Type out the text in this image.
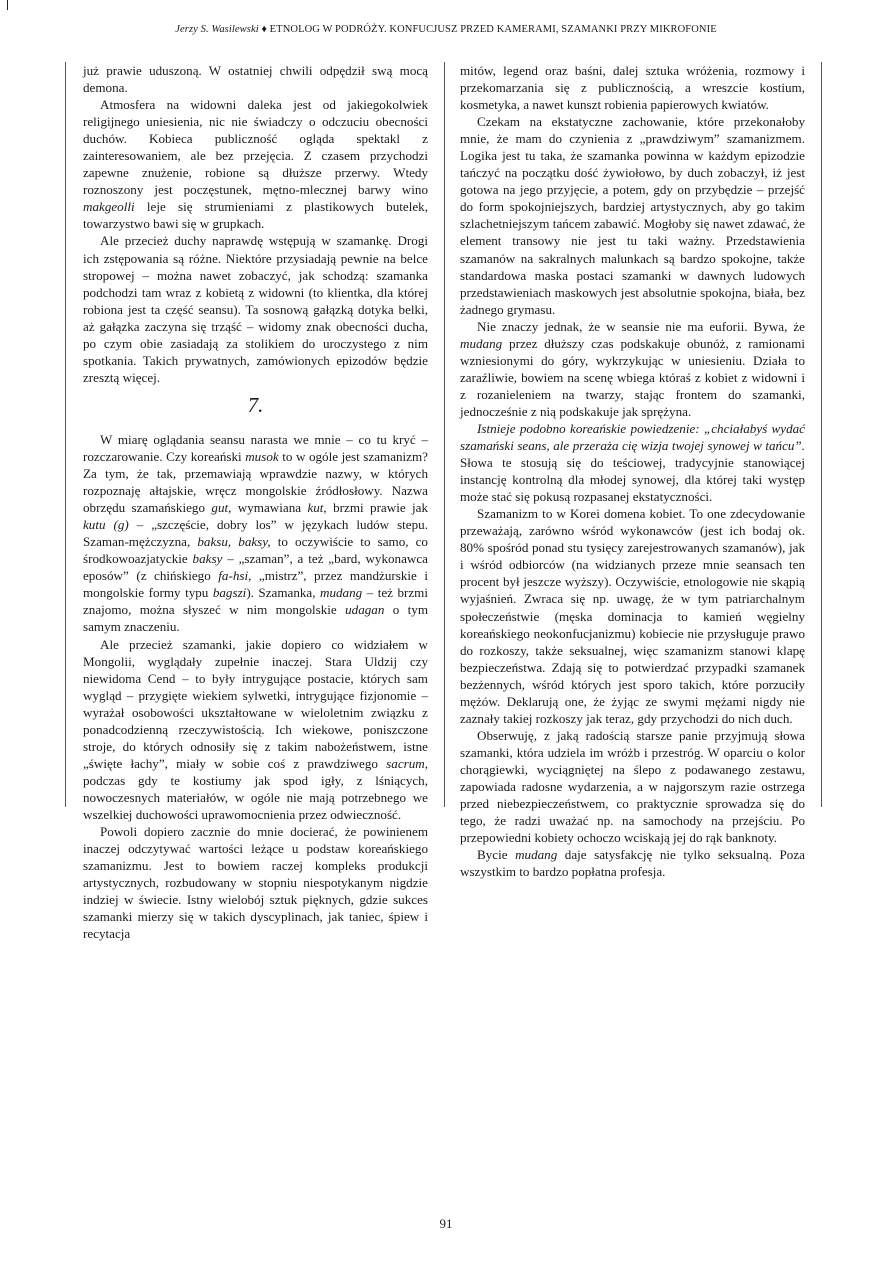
Jerzy S. Wasilewski ♦ ETNOLOG W PODRÓŻY. KONFUCJUSZ PRZED KAMERAMI, SZAMANKI PRZY MIKROFONIE

już prawie uduszoną. W ostatniej chwili odpędził swą mocą demona.

Atmosfera na widowni daleka jest od jakiegokolwiek religijnego uniesienia, nic nie świadczy o odczuciu obecności duchów. Kobieca publiczność ogląda spektakl z zainteresowaniem, ale bez przejęcia. Z czasem przychodzi zapewne znużenie, robione są dłuższe przerwy. Wtedy roznoszony jest poczęstunek, mętno-mlecznej barwy wino makgeolli leje się strumieniami z plastikowych butelek, towarzystwo bawi się w grupkach.

Ale przecież duchy naprawdę wstępują w szamankę. Drogi ich zstępowania są różne. Niektóre przysiadają pewnie na belce stropowej – można nawet zobaczyć, jak schodzą: szamanka podchodzi tam wraz z kobietą z widowni (to klientka, dla której robiona jest ta część seansu). Ta sosnową gałązką dotyka belki, aż gałązka zaczyna się trząść – widomy znak obecności ducha, po czym obie zasiadają za stolikiem do uroczystego z nim spotkania. Takich prywatnych, zamówionych epizodów będzie zresztą więcej.

7.

W miarę oglądania seansu narasta we mnie – co tu kryć – rozczarowanie. Czy koreański musok to w ogóle jest szamanizm? Za tym, że tak, przemawiają wprawdzie nazwy, w których rozpoznaję ałtajskie, wręcz mongolskie źródłosłowy. Nazwa obrzędu szamańskiego gut, wymawiana kut, brzmi prawie jak kutu (g) – „szczęście, dobry los” w językach ludów stepu. Szaman-mężczyzna, baksu, baksy, to oczywiście to samo, co środkowoazjatyckie baksy – „szaman”, a też „bard, wykonawca eposów” (z chińskiego fa-hsi, „mistrz”, przez mandżurskie i mongolskie formy typu bagszi). Szamanka, mudang – też brzmi znajomo, można słyszeć w nim mongolskie udagan o tym samym znaczeniu.

Ale przecież szamanki, jakie dopiero co widziałem w Mongolii, wyglądały zupełnie inaczej. Stara Uldzij czy niewidoma Cend – to były intrygujące postacie, których sam wygląd – przygięte wiekiem sylwetki, intrygujące fizjonomie – wyrażał osobowości ukształtowane w wieloletnim związku z ponadcodzienną rzeczywistością. Ich wiekowe, poniszczone stroje, do których odnosiły się z takim nabożeństwem, istne „święte łachy”, miały w sobie coś z prawdziwego sacrum, podczas gdy te kostiumy jak spod igły, z lśniących, nowoczesnych materiałów, w ogóle nie mają potrzebnego we wszelkiej duchowości uprawomocnienia przez odwieczność.

Powoli dopiero zacznie do mnie docierać, że powinienem inaczej odczytywać wartości leżące u podstaw koreańskiego szamanizmu. Jest to bowiem raczej kompleks produkcji artystycznych, rozbudowany w stopniu niespotykanym nigdzie indziej w świecie. Istny wielobój sztuk pięknych, gdzie sukces szamanki mierzy się w takich dyscyplinach, jak taniec, śpiew i recytacja

mitów, legend oraz baśni, dalej sztuka wróżenia, rozmowy i przekomarzania się z publicznością, a wreszcie kostium, kosmetyka, a nawet kunszt robienia papierowych kwiatów.

Czekam na ekstatyczne zachowanie, które przekonałoby mnie, że mam do czynienia z „prawdziwym” szamanizmem. Logika jest tu taka, że szamanka powinna w każdym epizodzie tańczyć na początku dość żywiołowo, by duch zobaczył, iż jest gotowa na jego przyjęcie, a potem, gdy on przybędzie – przejść do form spokojniejszych, bardziej artystycznych, aby go takim szlachetniejszym tańcem zabawić. Mogłoby się nawet zdawać, że element transowy nie jest tu taki ważny. Przedstawienia szamanów na sakralnych malunkach są bardzo spokojne, także standardowa maska postaci szamanki w dawnych ludowych przedstawieniach maskowych jest absolutnie spokojna, biała, bez żadnego grymasu.

Nie znaczy jednak, że w seansie nie ma euforii. Bywa, że mudang przez dłuższy czas podskakuje obunóż, z ramionami wzniesionymi do góry, wykrzykując w uniesieniu. Działa to zaraźliwie, bowiem na scenę wbiega któraś z kobiet z widowni i z rozanieleniem na twarzy, stając frontem do szamanki, jednocześnie z nią podskakuje jak sprężyna.

Istnieje podobno koreańskie powiedzenie: „chciałabyś wydać szamański seans, ale przeraża cię wizja twojej synowej w tańcu”. Słowa te stosują się do teściowej, tradycyjnie stanowiącej instancję kontrolną dla młodej synowej, dla której taki występ może stać się pokusą rozpasanej ekstatyczności.

Szamanizm to w Korei domena kobiet. To one zdecydowanie przeważają, zarówno wśród wykonawców (jest ich bodaj ok. 80% spośród ponad stu tysięcy zarejestrowanych szamanów), jak i wśród odbiorców (na widzianych przeze mnie seansach ten procent był jeszcze wyższy). Oczywiście, etnologowie nie skąpią wyjaśnień. Zwraca się np. uwagę, że w tym patriarchalnym społeczeństwie (męska dominacja to kamień węgielny koreańskiego neokonfucjanizmu) kobiecie nie przysługuje prawo do rozkoszy, także seksualnej, więc szamanizm stanowi klapę bezpieczeństwa. Zdają się to potwierdzać przypadki szamanek bezżennych, wśród których jest sporo takich, które porzuciły mężów. Deklarują one, że żyjąc ze swymi mężami nigdy nie zaznały takiej rozkoszy jak teraz, gdy przychodzi do nich duch.

Obserwuję, z jaką radością starsze panie przyjmują słowa szamanki, która udziela im wróżb i przestróg. W oparciu o kolor chorągiewki, wyciągniętej na ślepo z podawanego zestawu, zapowiada radosne wydarzenia, a w najgorszym razie ostrzega przed niebezpieczeństwem, co praktycznie sprowadza się do tego, że radzi uważać np. na samochody na przejściu. Po przepowiedni kobiety ochoczo wciskają jej do rąk banknoty.

Bycie mudang daje satysfakcję nie tylko seksualną. Poza wszystkim to bardzo popłatna profesja.

91
